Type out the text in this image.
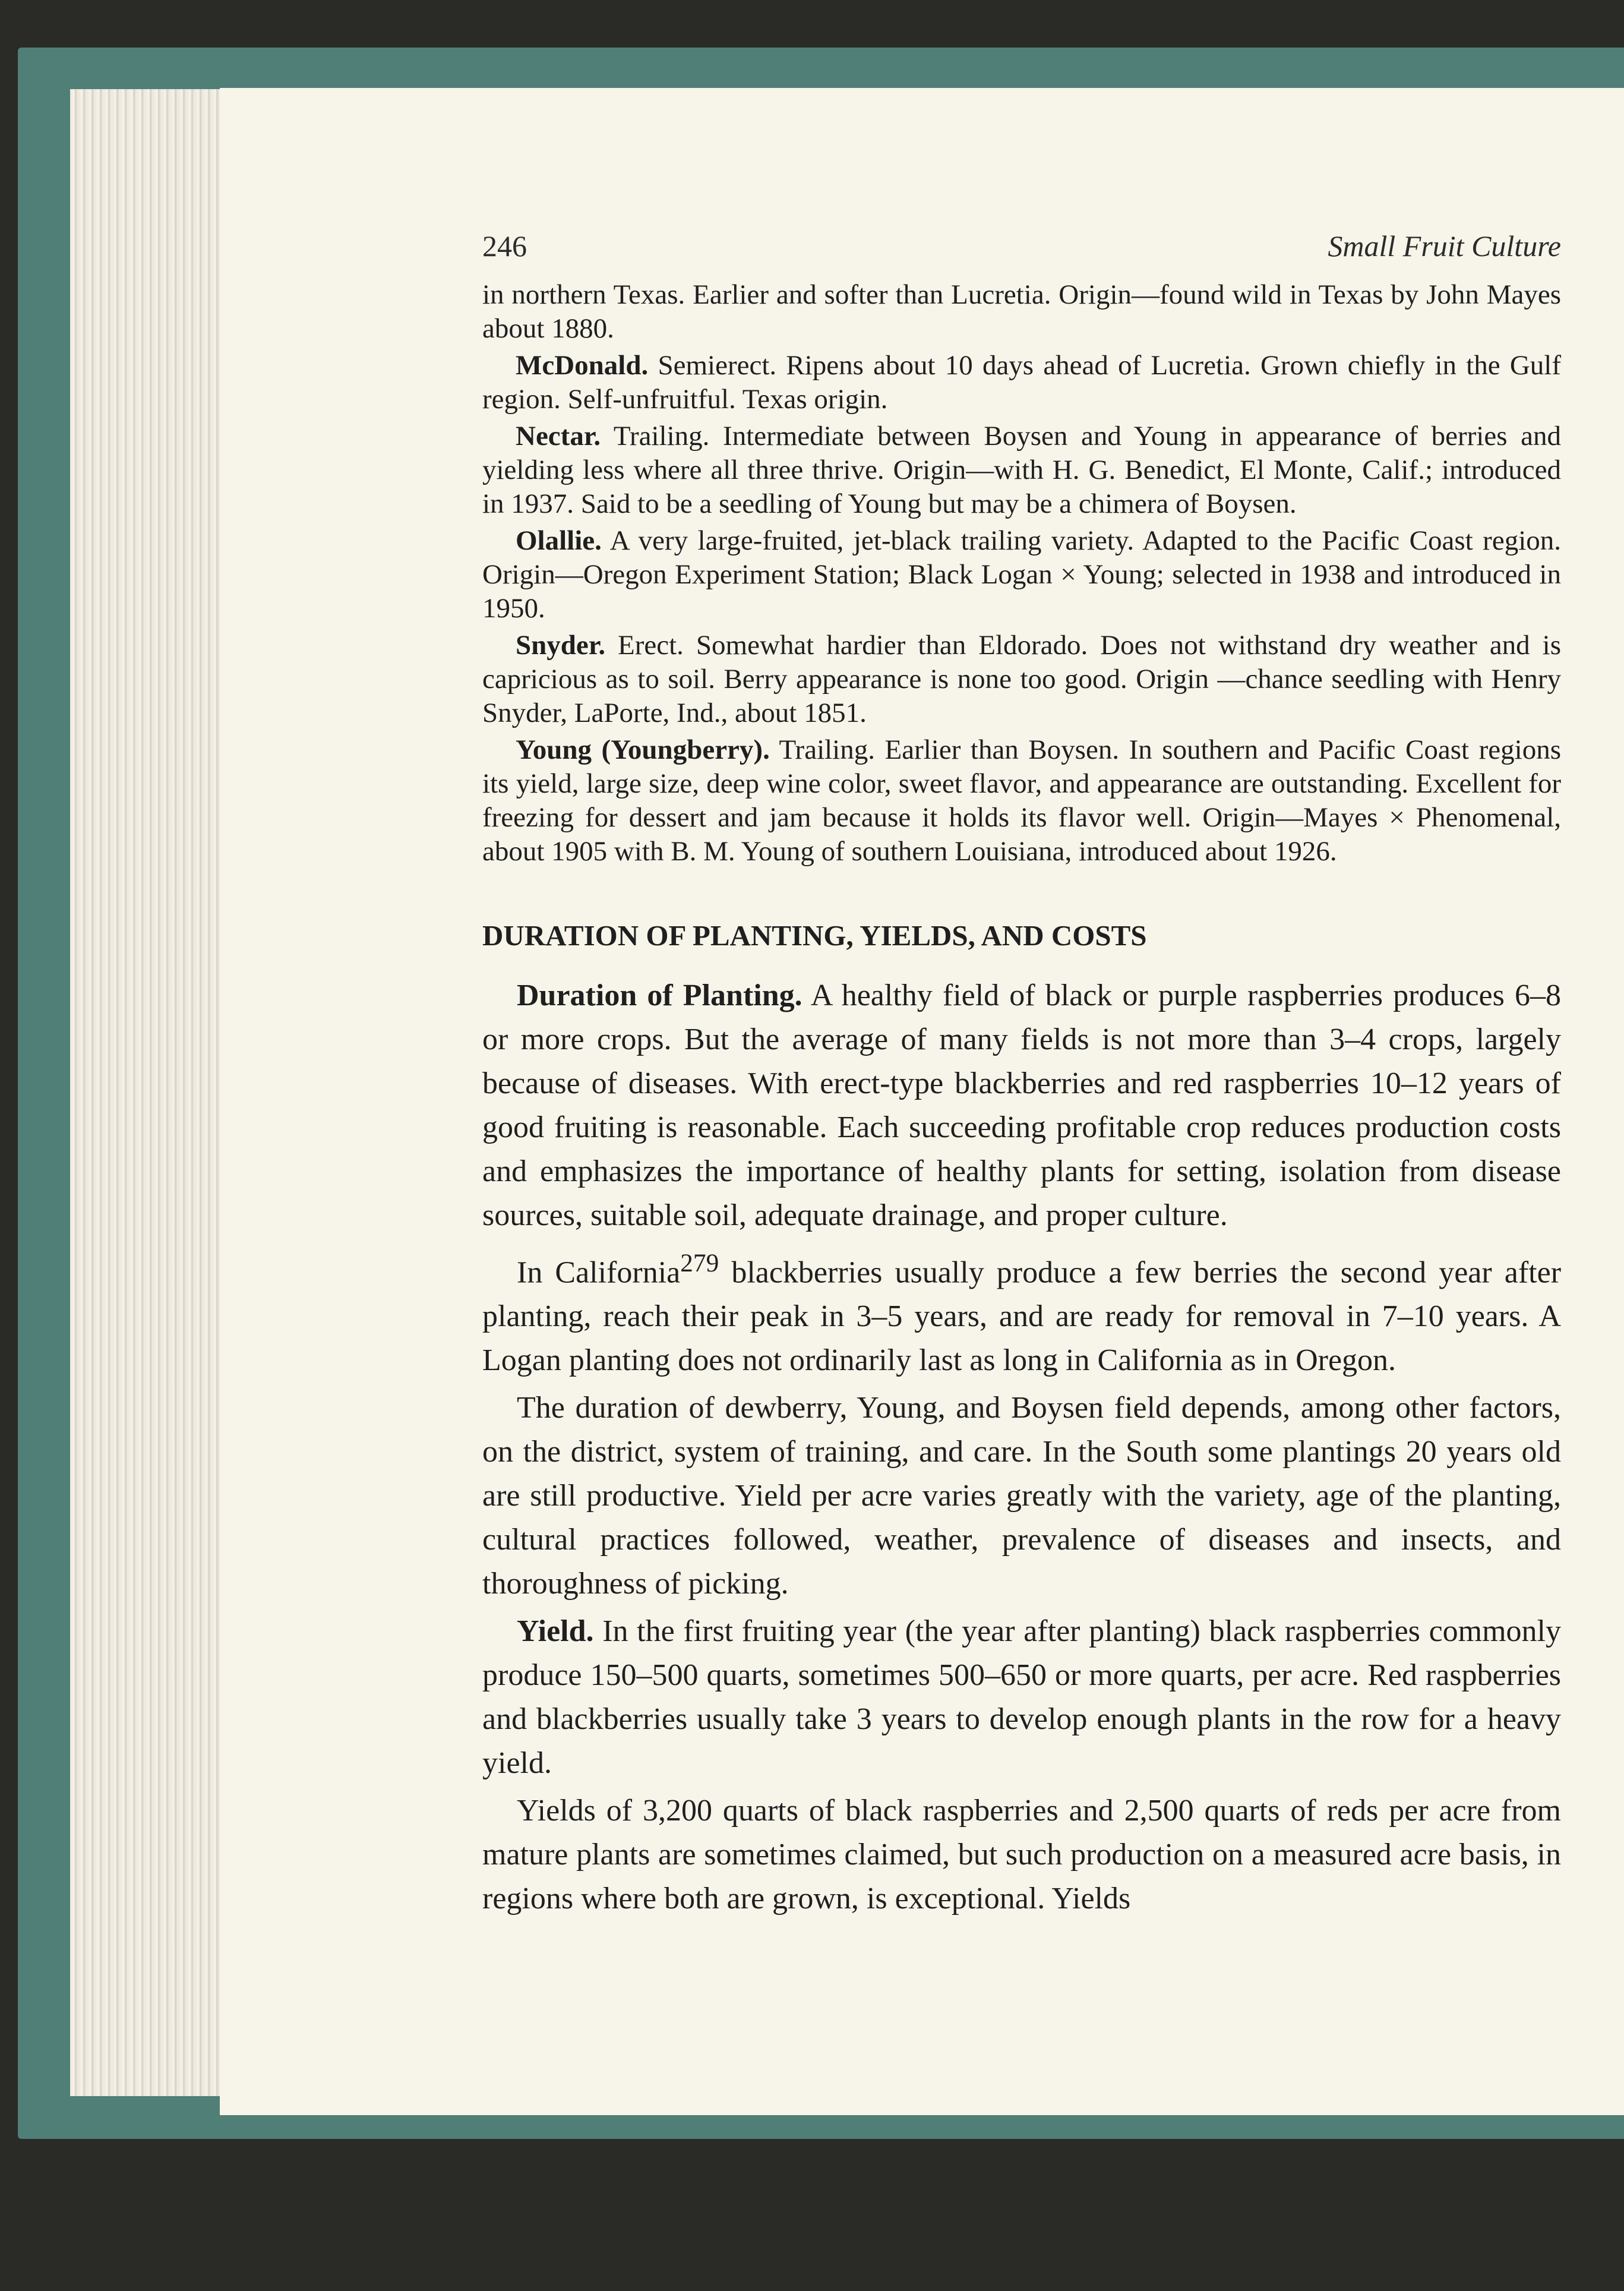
246	Small Fruit Culture

in northern Texas. Earlier and softer than Lucretia. Origin—found wild in Texas by John Mayes about 1880.

McDonald. Semierect. Ripens about 10 days ahead of Lucretia. Grown chiefly in the Gulf region. Self-unfruitful. Texas origin.

Nectar. Trailing. Intermediate between Boysen and Young in appearance of berries and yielding less where all three thrive. Origin—with H. G. Benedict, El Monte, Calif.; introduced in 1937. Said to be a seedling of Young but may be a chimera of Boysen.

Olallie. A very large-fruited, jet-black trailing variety. Adapted to the Pacific Coast region. Origin—Oregon Experiment Station; Black Logan × Young; selected in 1938 and introduced in 1950.

Snyder. Erect. Somewhat hardier than Eldorado. Does not withstand dry weather and is capricious as to soil. Berry appearance is none too good. Origin —chance seedling with Henry Snyder, LaPorte, Ind., about 1851.

Young (Youngberry). Trailing. Earlier than Boysen. In southern and Pacific Coast regions its yield, large size, deep wine color, sweet flavor, and appearance are outstanding. Excellent for freezing for dessert and jam because it holds its flavor well. Origin—Mayes × Phenomenal, about 1905 with B. M. Young of southern Louisiana, introduced about 1926.

DURATION OF PLANTING, YIELDS, AND COSTS

Duration of Planting. A healthy field of black or purple raspberries produces 6–8 or more crops. But the average of many fields is not more than 3–4 crops, largely because of diseases. With erect-type blackberries and red raspberries 10–12 years of good fruiting is reasonable. Each succeeding profitable crop reduces production costs and emphasizes the importance of healthy plants for setting, isolation from disease sources, suitable soil, adequate drainage, and proper culture.

In California$^{279}$ blackberries usually produce a few berries the second year after planting, reach their peak in 3–5 years, and are ready for removal in 7–10 years. A Logan planting does not ordinarily last as long in California as in Oregon.

The duration of dewberry, Young, and Boysen field depends, among other factors, on the district, system of training, and care. In the South some plantings 20 years old are still productive. Yield per acre varies greatly with the variety, age of the planting, cultural practices followed, weather, prevalence of diseases and insects, and thoroughness of picking.

Yield. In the first fruiting year (the year after planting) black raspberries commonly produce 150–500 quarts, sometimes 500–650 or more quarts, per acre. Red raspberries and blackberries usually take 3 years to develop enough plants in the row for a heavy yield.

Yields of 3,200 quarts of black raspberries and 2,500 quarts of reds per acre from mature plants are sometimes claimed, but such production on a measured acre basis, in regions where both are grown, is exceptional. Yields
